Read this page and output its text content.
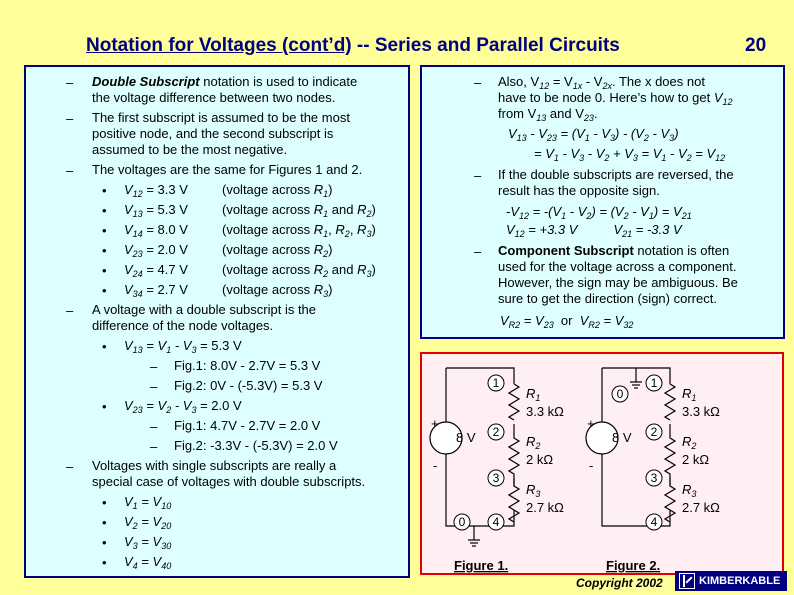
Notation for Voltages (cont’d) -- Series and Parallel Circuits	20
– Double Subscript notation is used to indicate
the voltage difference between two nodes.
– The first subscript is assumed to be the most
positive node, and the second subscript is
assumed to be the most negative.
– The voltages are the same for Figures 1 and 2.
• $V_{12} = 3.3$ V	(voltage across $R_1$)
• $V_{13} = 5.3$ V	(voltage across $R_1$ and $R_2$)
• $V_{14} = 8.0$ V	(voltage across $R_1$, $R_2$, $R_3$)
• $V_{23} = 2.0$ V	(voltage across $R_2$)
• $V_{24} = 4.7$ V	(voltage across $R_2$ and $R_3$)
• $V_{34} = 2.7$ V	(voltage across $R_3$)
– A voltage with a double subscript is the
difference of the node voltages.
• $V_{13} = V_1 - V_3 = 5.3$ V
– Fig.1: 8.0V - 2.7V = 5.3 V
– Fig.2: 0V - (-5.3V) = 5.3 V
• $V_{23} = V_2 - V_3 = 2.0$ V
– Fig.1: 4.7V - 2.7V = 2.0 V
– Fig.2: -3.3V - (-5.3V) = 2.0 V
– Voltages with single subscripts are really a
special case of voltages with double subscripts.
• $V_1 = V_{10}$
• $V_2 = V_{20}$
• $V_3 = V_{30}$
• $V_4 = V_{40}$
– Also, $V_{12} = V_{1x} - V_{2x}$. The x does not
have to be node 0. Here’s how to get $V_{12}$
from $V_{13}$ and $V_{23}$.
$V_{13} - V_{23} = (V_1 - V_3) - (V_2 - V_3)$
= $V_1 - V_3 - V_2 + V_3 = V_1 - V_2 = V_{12}$
– If the double subscripts are reversed, the
result has the opposite sign.
$-V_{12} = -(V_1 - V_2) = (V_2 - V_1) = V_{21}$
$V_{12} = +3.3$ V	$V_{21} = -3.3$ V
– Component Subscript notation is often
used for the voltage across a component.
However, the sign may be ambiguous. Be
sure to get the direction (sign) correct.
$V_{R2} = V_{23}$  or  $V_{R2} = V_{32}$
8 V	8 V
+
-
+
-
1
2
3
4
0
1
2
3
4
0
$R_1$
3.3 kΩ
$R_2$
2 kΩ
$R_3$
2.7 kΩ
$R_1$
3.3 kΩ
$R_2$
2 kΩ
$R_3$
2.7 kΩ
Figure 1.	Figure 2.
Copyright 2002	KIMBERKABLE
